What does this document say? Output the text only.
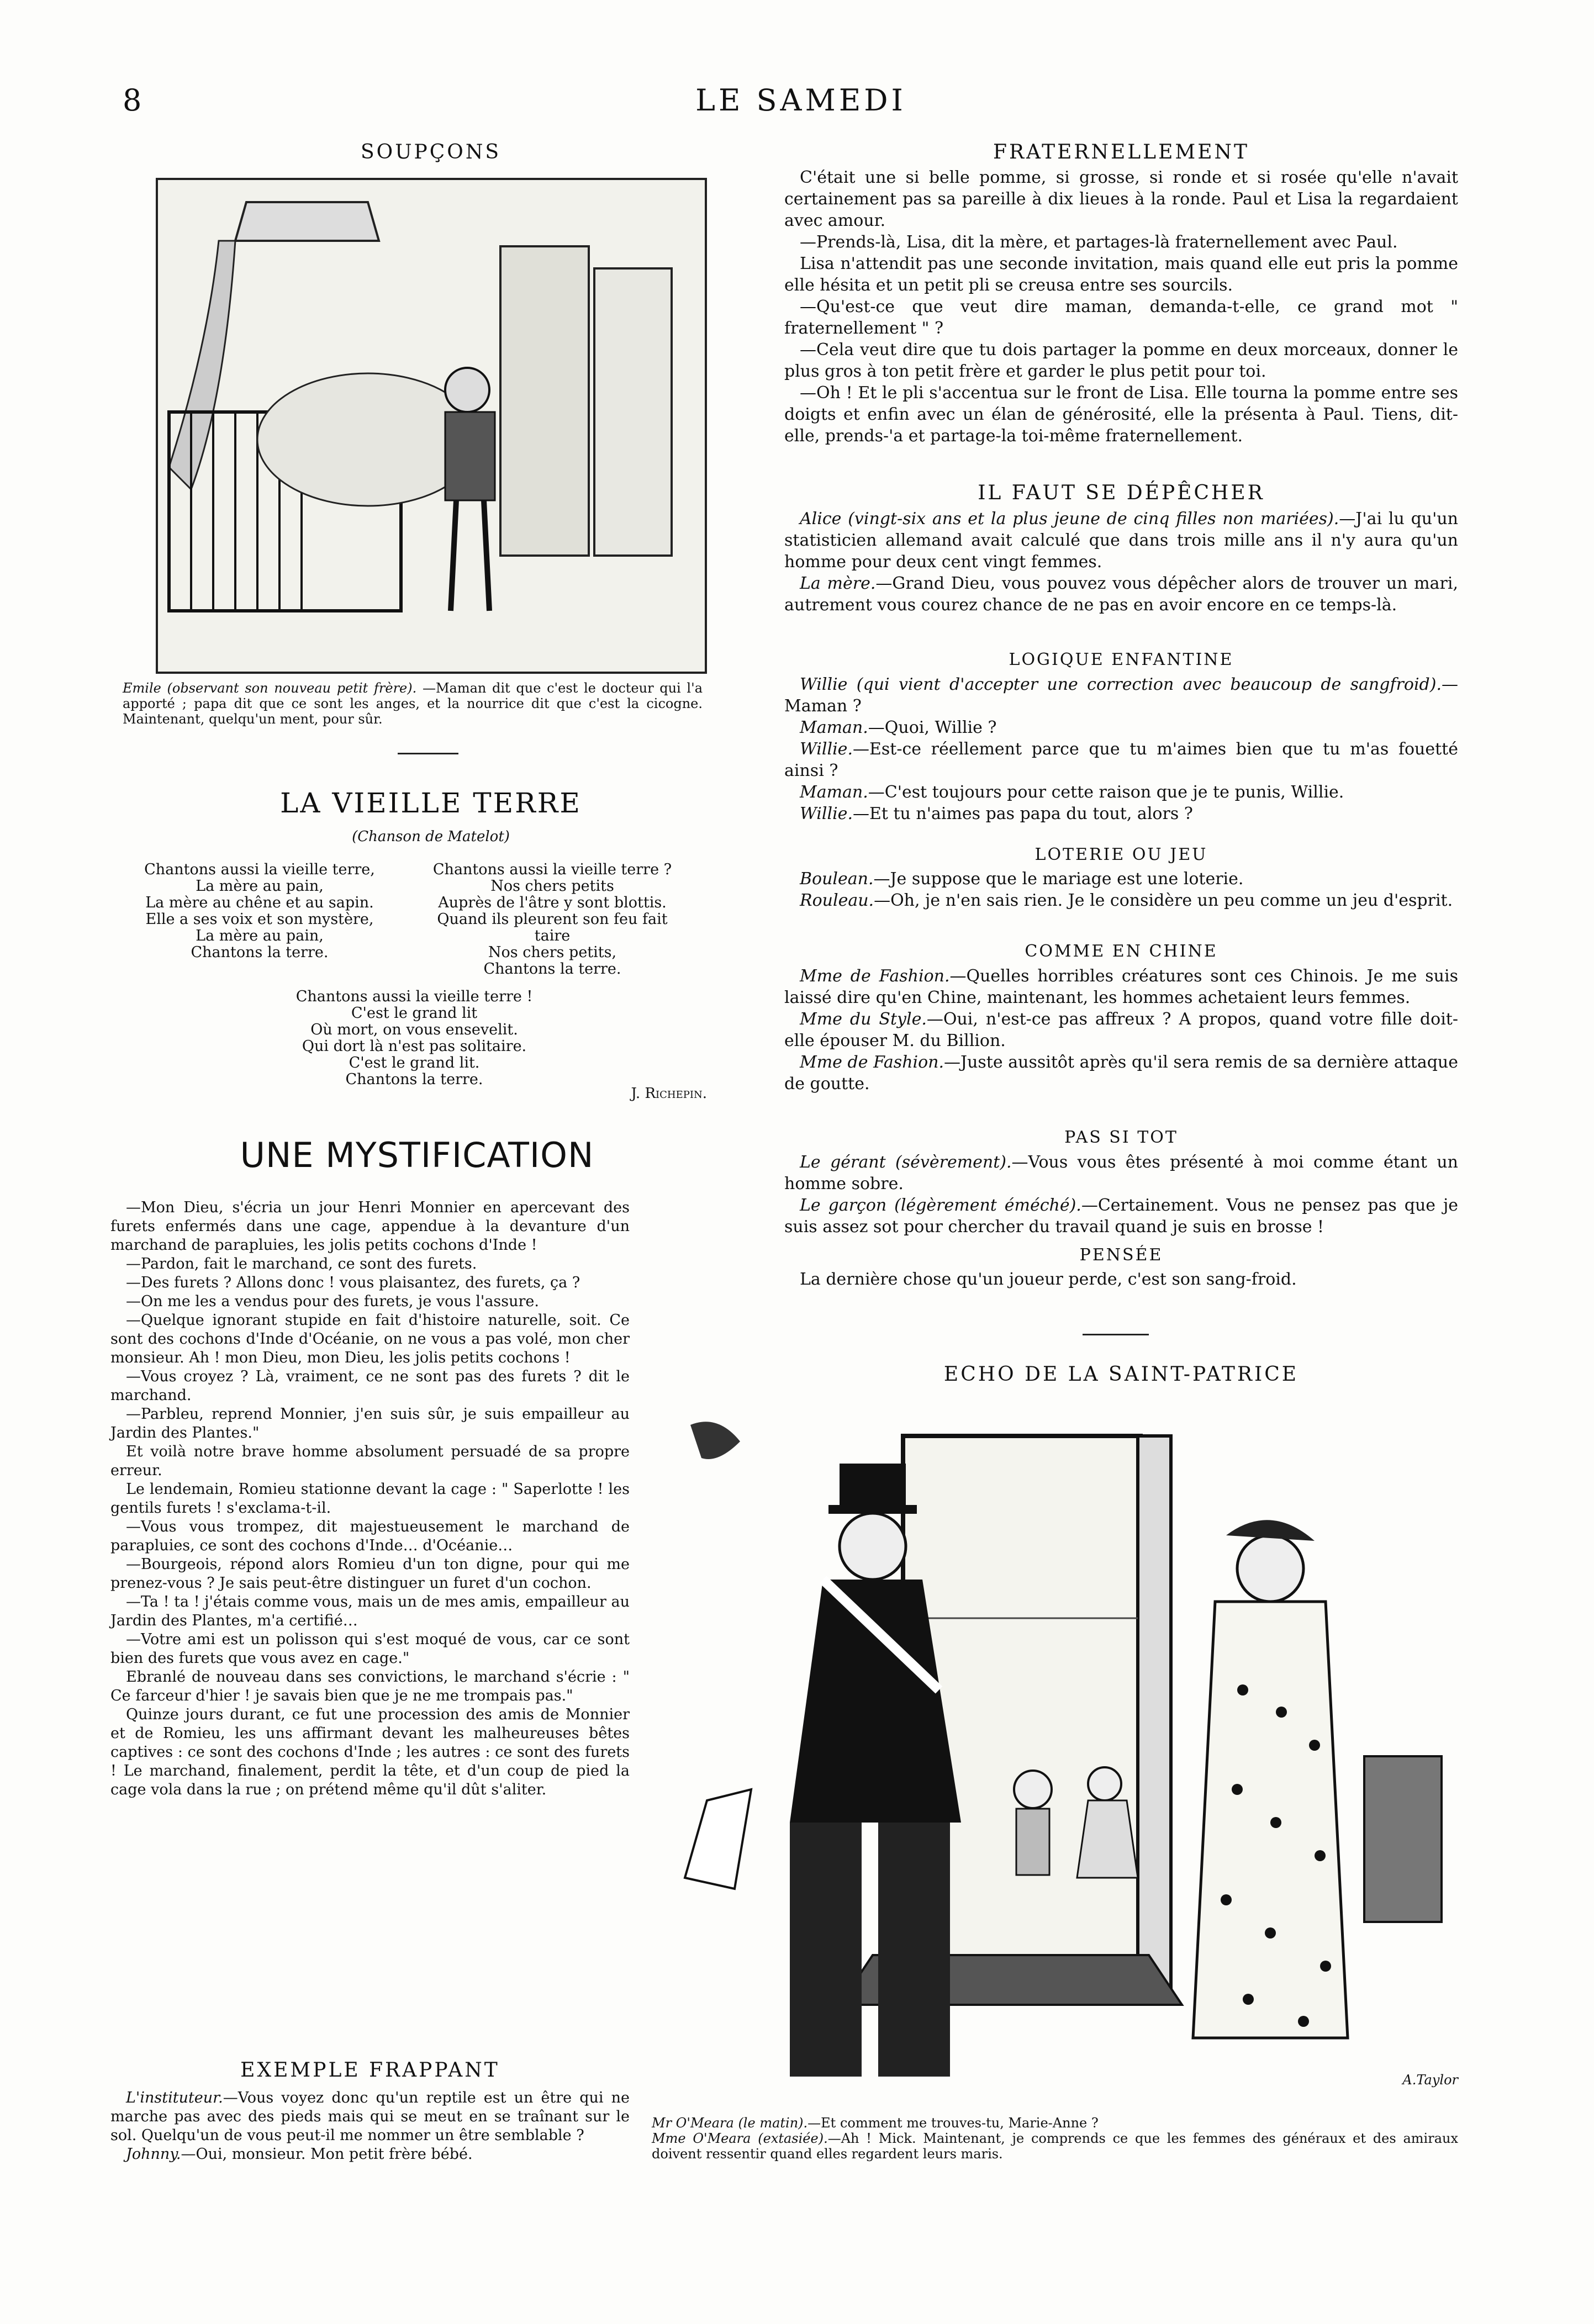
8	LE SAMEDI
SOUPÇONS
Emile (observant son nouveau petit frère). —Maman dit que c'est le docteur qui l'a apporté ; papa dit que ce sont les anges, et la nourrice dit que c'est la cicogne. Maintenant, quelqu'un ment, pour sûr.
LA VIEILLE TERRE
(Chanson de Matelot)
Chantons aussi la vieille terre,
La mère au pain,
La mère au chêne et au sapin.
Elle a ses voix et son mystère,
La mère au pain,
Chantons la terre.
Chantons aussi la vieille terre ?
Nos chers petits
Auprès de l'âtre y sont blottis.
Quand ils pleurent son feu fait taire
Nos chers petits,
Chantons la terre.
Chantons aussi la vieille terre !
C'est le grand lit
Où mort, on vous ensevelit.
Qui dort là n'est pas solitaire.
C'est le grand lit.
Chantons la terre.
J. Richepin.
UNE MYSTIFICATION

—Mon Dieu, s'écria un jour Henri Monnier en apercevant des furets enfermés dans une cage, appendue à la devanture d'un marchand de parapluies, les jolis petits cochons d'Inde !

—Pardon, fait le marchand, ce sont des furets.

—Des furets ? Allons donc ! vous plaisantez, des furets, ça ?

—On me les a vendus pour des furets, je vous l'assure.

—Quelque ignorant stupide en fait d'histoire naturelle, soit. Ce sont des cochons d'Inde d'Océanie, on ne vous a pas volé, mon cher monsieur. Ah ! mon Dieu, mon Dieu, les jolis petits cochons !

—Vous croyez ? Là, vraiment, ce ne sont pas des furets ? dit le marchand.

—Parbleu, reprend Monnier, j'en suis sûr, je suis empailleur au Jardin des Plantes."

Et voilà notre brave homme absolument persuadé de sa propre erreur.

Le lendemain, Romieu stationne devant la cage : " Saperlotte ! les gentils furets ! s'exclama-t-il.

—Vous vous trompez, dit majestueusement le marchand de parapluies, ce sont des cochons d'Inde… d'Océanie…

—Bourgeois, répond alors Romieu d'un ton digne, pour qui me prenez-vous ? Je sais peut-être distinguer un furet d'un cochon.

—Ta ! ta ! j'étais comme vous, mais un de mes amis, empailleur au Jardin des Plantes, m'a certifié…

—Votre ami est un polisson qui s'est moqué de vous, car ce sont bien des furets que vous avez en cage."

Ebranlé de nouveau dans ses convictions, le marchand s'écrie : " Ce farceur d'hier ! je savais bien que je ne me trompais pas."

Quinze jours durant, ce fut une procession des amis de Monnier et de Romieu, les uns affirmant devant les malheureuses bêtes captives : ce sont des cochons d'Inde ; les autres : ce sont des furets ! Le marchand, finalement, perdit la tête, et d'un coup de pied la cage vola dans la rue ; on prétend même qu'il dût s'aliter.

EXEMPLE FRAPPANT

L'instituteur.—Vous voyez donc qu'un reptile est un être qui ne marche pas avec des pieds mais qui se meut en se traînant sur le sol. Quelqu'un de vous peut-il me nommer un être semblable ?

Johnny.—Oui, monsieur. Mon petit frère bébé.

FRATERNELLEMENT

C'était une si belle pomme, si grosse, si ronde et si rosée qu'elle n'avait certainement pas sa pareille à dix lieues à la ronde. Paul et Lisa la regardaient avec amour.

—Prends-là, Lisa, dit la mère, et partages-là fraternellement avec Paul.

Lisa n'attendit pas une seconde invitation, mais quand elle eut pris la pomme elle hésita et un petit pli se creusa entre ses sourcils.

—Qu'est-ce que veut dire maman, demanda-t-elle, ce grand mot " fraternellement " ?

—Cela veut dire que tu dois partager la pomme en deux morceaux, donner le plus gros à ton petit frère et garder le plus petit pour toi.

—Oh ! Et le pli s'accentua sur le front de Lisa. Elle tourna la pomme entre ses doigts et enfin avec un élan de générosité, elle la présenta à Paul. Tiens, dit-elle, prends-'a et partage-la toi-même fraternellement.

IL FAUT SE DÉPÊCHER

Alice (vingt-six ans et la plus jeune de cinq filles non mariées).—J'ai lu qu'un statisticien allemand avait calculé que dans trois mille ans il n'y aura qu'un homme pour deux cent vingt femmes.

La mère.—Grand Dieu, vous pouvez vous dépêcher alors de trouver un mari, autrement vous courez chance de ne pas en avoir encore en ce temps-là.

LOGIQUE ENFANTINE

Willie (qui vient d'accepter une correction avec beaucoup de sangfroid).—Maman ?

Maman.—Quoi, Willie ?

Willie.—Est-ce réellement parce que tu m'aimes bien que tu m'as fouetté ainsi ?

Maman.—C'est toujours pour cette raison que je te punis, Willie.

Willie.—Et tu n'aimes pas papa du tout, alors ?

LOTERIE OU JEU

Boulean.—Je suppose que le mariage est une loterie.

Rouleau.—Oh, je n'en sais rien. Je le considère un peu comme un jeu d'esprit.

COMME EN CHINE

Mme de Fashion.—Quelles horribles créatures sont ces Chinois. Je me suis laissé dire qu'en Chine, maintenant, les hommes achetaient leurs femmes.

Mme du Style.—Oui, n'est-ce pas affreux ? A propos, quand votre fille doit-elle épouser M. du Billion.

Mme de Fashion.—Juste aussitôt après qu'il sera remis de sa dernière attaque de goutte.

PAS SI TOT

Le gérant (sévèrement).—Vous vous êtes présenté à moi comme étant un homme sobre.

Le garçon (légèrement éméché).—Certainement. Vous ne pensez pas que je suis assez sot pour chercher du travail quand je suis en brosse !

PENSÉE

La dernière chose qu'un joueur perde, c'est son sang-froid.

ECHO DE LA SAINT-PATRICE
A.Taylor
Mr O'Meara (le matin).—Et comment me trouves-tu, Marie-Anne ?
Mme O'Meara (extasiée).—Ah ! Mick. Maintenant, je comprends ce que les femmes des généraux et des amiraux doivent ressentir quand elles regardent leurs maris.
